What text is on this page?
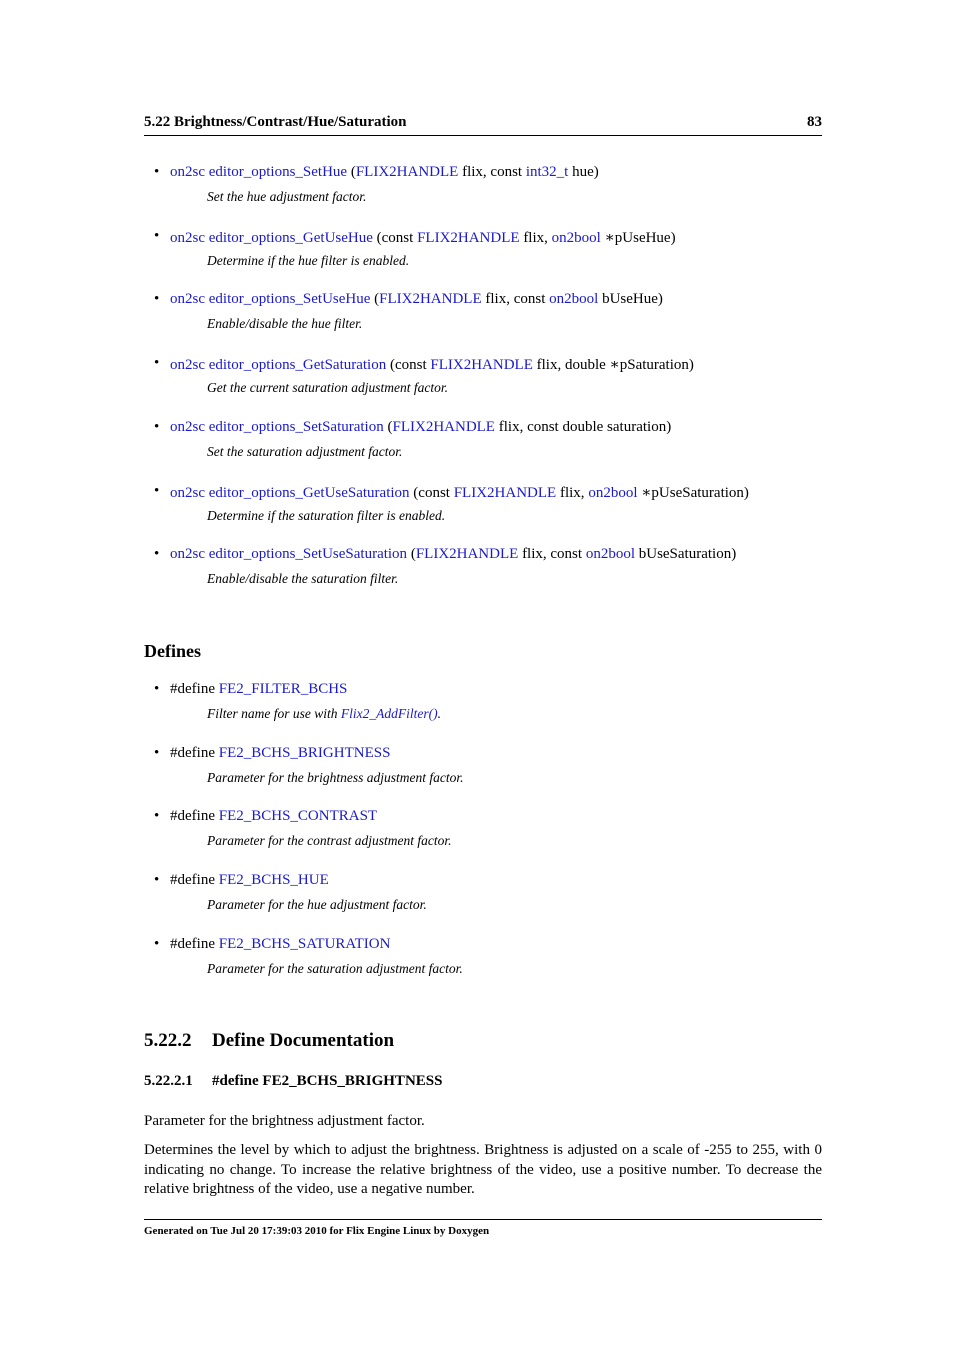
5.22 Brightness/Contrast/Hue/Saturation	83
• on2sc editor_options_SetHue (FLIX2HANDLE flix, const int32_t hue)
Set the hue adjustment factor.
• on2sc editor_options_GetUseHue (const FLIX2HANDLE flix, on2bool ∗pUseHue)
Determine if the hue filter is enabled.
• on2sc editor_options_SetUseHue (FLIX2HANDLE flix, const on2bool bUseHue)
Enable/disable the hue filter.
• on2sc editor_options_GetSaturation (const FLIX2HANDLE flix, double ∗pSaturation)
Get the current saturation adjustment factor.
• on2sc editor_options_SetSaturation (FLIX2HANDLE flix, const double saturation)
Set the saturation adjustment factor.
• on2sc editor_options_GetUseSaturation (const FLIX2HANDLE flix, on2bool ∗pUseSaturation)
Determine if the saturation filter is enabled.
• on2sc editor_options_SetUseSaturation (FLIX2HANDLE flix, const on2bool bUseSaturation)
Enable/disable the saturation filter.
Defines
• #define FE2_FILTER_BCHS
Filter name for use with Flix2_AddFilter().
• #define FE2_BCHS_BRIGHTNESS
Parameter for the brightness adjustment factor.
• #define FE2_BCHS_CONTRAST
Parameter for the contrast adjustment factor.
• #define FE2_BCHS_HUE
Parameter for the hue adjustment factor.
• #define FE2_BCHS_SATURATION
Parameter for the saturation adjustment factor.
5.22.2 Define Documentation
5.22.2.1 #define FE2_BCHS_BRIGHTNESS
Parameter for the brightness adjustment factor.
Determines the level by which to adjust the brightness. Brightness is adjusted on a scale of -255 to 255, with 0 indicating no change. To increase the relative brightness of the video, use a positive number. To decrease the relative brightness of the video, use a negative number.
Generated on Tue Jul 20 17:39:03 2010 for Flix Engine Linux by Doxygen
